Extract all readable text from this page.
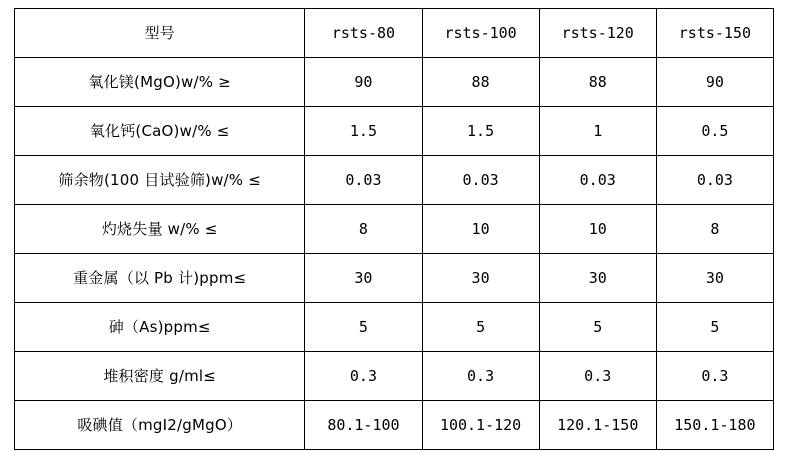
型号	rsts-80	rsts-100	rsts-120	rsts-150
氧化镁(MgO)w/% ≥	90	88	88	90
氧化钙(CaO)w/% ≤	1.5	1.5	1	0.5
筛余物(100 目试验筛)w/% ≤	0.03	0.03	0.03	0.03
灼烧失量 w/% ≤	8	10	10	8
重金属（以 Pb 计)ppm≤	30	30	30	30
砷（As)ppm≤	5	5	5	5
堆积密度 g/ml≤	0.3	0.3	0.3	0.3
吸碘值（mgI2/gMgO）	80.1-100	100.1-120	120.1-150	150.1-180
